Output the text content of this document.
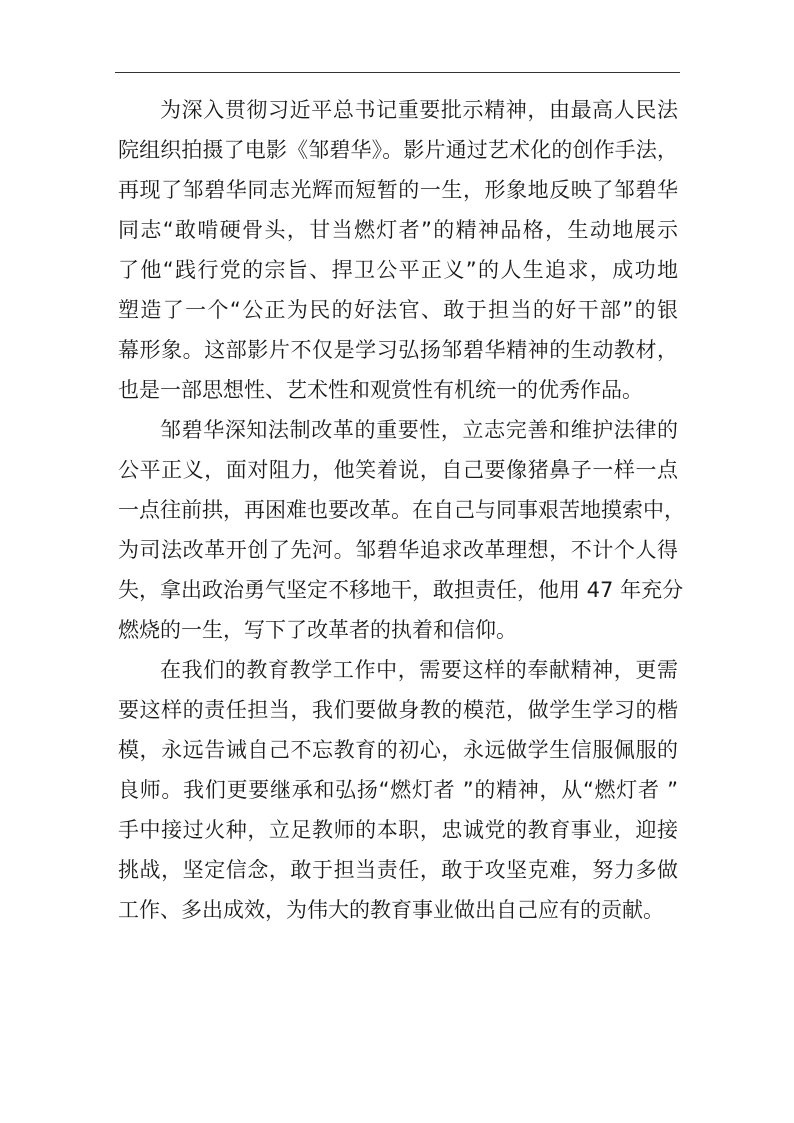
为深入贯彻习近平总书记重要批示精神，由最高人民法
院组织拍摄了电影《邹碧华》。影片通过艺术化的创作手法，
再现了邹碧华同志光辉而短暂的一生，形象地反映了邹碧华
同志“敢啃硬骨头，甘当燃灯者”的精神品格，生动地展示
了他“践行党的宗旨、捍卫公平正义”的人生追求，成功地
塑造了一个“公正为民的好法官、敢于担当的好干部”的银
幕形象。这部影片不仅是学习弘扬邹碧华精神的生动教材，
也是一部思想性、艺术性和观赏性有机统一的优秀作品。
邹碧华深知法制改革的重要性，立志完善和维护法律的
公平正义，面对阻力，他笑着说，自己要像猪鼻子一样一点
一点往前拱，再困难也要改革。在自己与同事艰苦地摸索中，
为司法改革开创了先河。邹碧华追求改革理想，不计个人得
失，拿出政治勇气坚定不移地干，敢担责任，他用 47 年充分
燃烧的一生，写下了改革者的执着和信仰。
在我们的教育教学工作中，需要这样的奉献精神，更需
要这样的责任担当，我们要做身教的模范，做学生学习的楷
模，永远告诫自己不忘教育的初心，永远做学生信服佩服的
良师。我们更要继承和弘扬“燃灯者 ”的精神，从“燃灯者 ”
手中接过火种，立足教师的本职，忠诚党的教育事业，迎接
挑战，坚定信念，敢于担当责任，敢于攻坚克难，努力多做
工作、多出成效，为伟大的教育事业做出自己应有的贡献。
